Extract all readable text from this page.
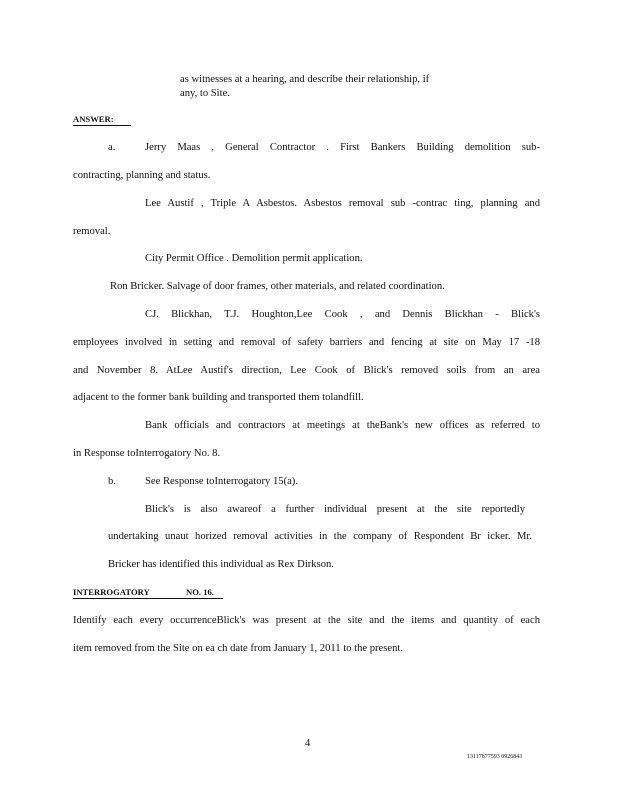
as witnesses at a hearing, and describe their relationship, if
any, to Site.
ANSWER:
a.	Jerry Maas , General Contractor . First Bankers Building demolition sub-
contracting, planning and status.
Lee Austif , Triple A Asbestos. Asbestos removal sub -contrac ting, planning and
removal.
City Permit Office . Demolition permit application.
Ron Bricker. Salvage of door frames, other materials, and related coordination.
CJ. Blickhan, T.J. Houghton,Lee Cook , and Dennis Blickhan - Blick's
employees involved in setting and removal of safety barriers and fencing at site on May 17 -18
and November 8. AtLee Austif's direction, Lee Cook of Blick's removed soils from an area
adjacent to the former bank building and transported them tolandfill.
Bank officials and contractors at meetings at theBank's new offices as referred to
in Response toInterrogatory No. 8.
b.	See Response toInterrogatory 15(a).
Blick's is also awareof a further individual present at the site reportedly
undertaking unaut horized removal activities in the company of Respondent Br icker. Mr.
Bricker has identified this individual as Rex Dirkson.
INTERROGATORY	NO. 16.
Identify each every occurrenceBlick's was present at the site and the items and quantity of each
item removed from the Site on ea ch date from January 1, 2011 to the present.
4
13117877593 0926843
